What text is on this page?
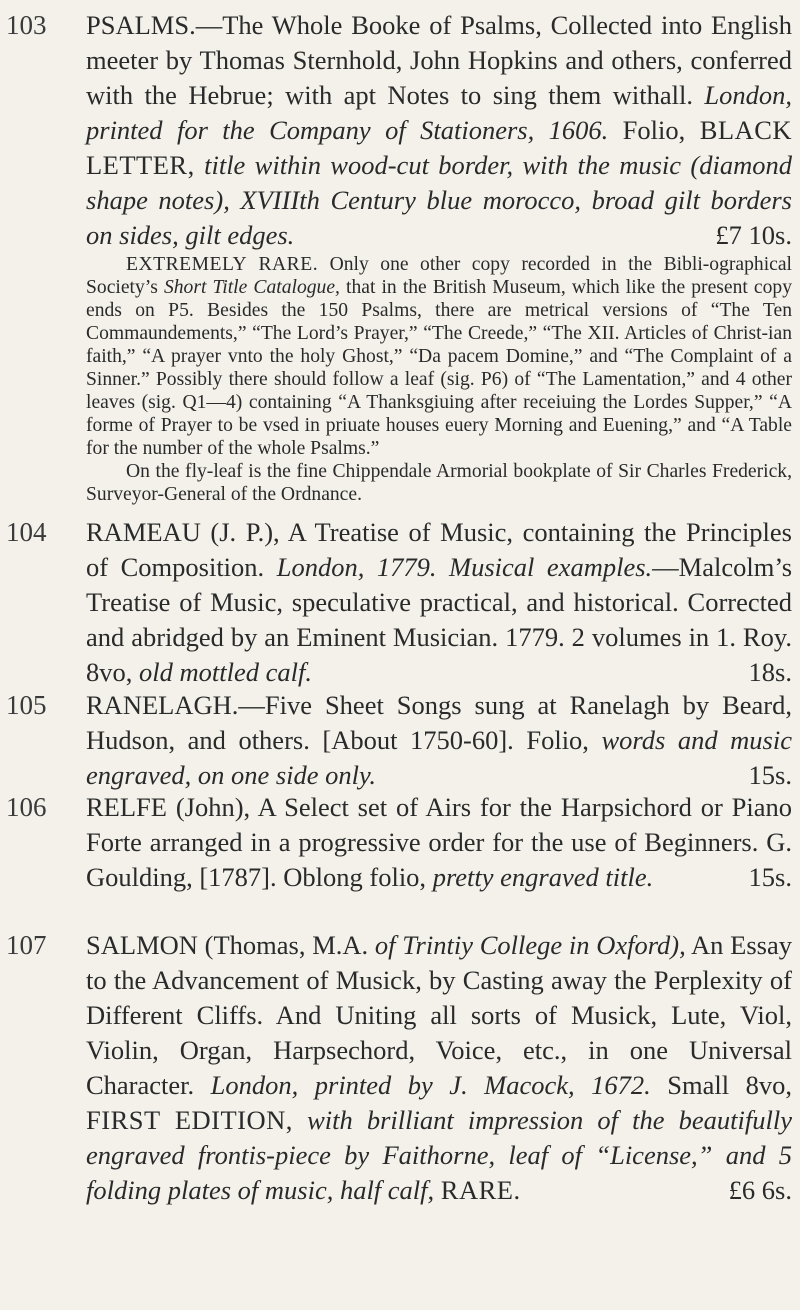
103 PSALMS.—The Whole Booke of Psalms, Collected into English meeter by Thomas Sternhold, John Hopkins and others, conferred with the Hebrue; with apt Notes to sing them withall. London, printed for the Company of Stationers, 1606. Folio, BLACK LETTER, title within wood-cut border, with the music (diamond shape notes), XVIIIth Century blue morocco, broad gilt borders on sides, gilt edges.	£7 10s.

EXTREMELY RARE. Only one other copy recorded in the Bibli-ographical Society’s Short Title Catalogue, that in the British Museum, which like the present copy ends on P5. Besides the 150 Psalms, there are metrical versions of “The Ten Commaundements,” “The Lord’s Prayer,” “The Creede,” “The XII. Articles of Christ-ian faith,” “A prayer vnto the holy Ghost,” “Da pacem Domine,” and “The Complaint of a Sinner.” Possibly there should follow a leaf (sig. P6) of “The Lamentation,” and 4 other leaves (sig. Q1—4) containing “A Thanksgiuing after receiuing the Lordes Supper,” “A forme of Prayer to be vsed in priuate houses euery Morning and Euening,” and “A Table for the number of the whole Psalms.”

On the fly-leaf is the fine Chippendale Armorial bookplate of Sir Charles Frederick, Surveyor-General of the Ordnance.

104 RAMEAU (J. P.), A Treatise of Music, containing the Principles of Composition. London, 1779. Musical examples.—Malcolm’s Treatise of Music, speculative practical, and historical. Corrected and abridged by an Eminent Musician. 1779. 2 volumes in 1. Roy. 8vo, old mottled calf.	18s.

105 RANELAGH.—Five Sheet Songs sung at Ranelagh by Beard, Hudson, and others. [About 1750-60]. Folio, words and music engraved, on one side only.	15s.

106 RELFE (John), A Select set of Airs for the Harpsichord or Piano Forte arranged in a progressive order for the use of Beginners. G. Goulding, [1787]. Oblong folio, pretty engraved title.	15s.

107 SALMON (Thomas, M.A. of Trintiy College in Oxford), An Essay to the Advancement of Musick, by Casting away the Perplexity of Different Cliffs. And Uniting all sorts of Musick, Lute, Viol, Violin, Organ, Harpsechord, Voice, etc., in one Universal Character. London, printed by J. Macock, 1672. Small 8vo, FIRST EDITION, with brilliant impression of the beautifully engraved frontis-piece by Faithorne, leaf of “License,” and 5 folding plates of music, half calf, RARE.	£6 6s.
